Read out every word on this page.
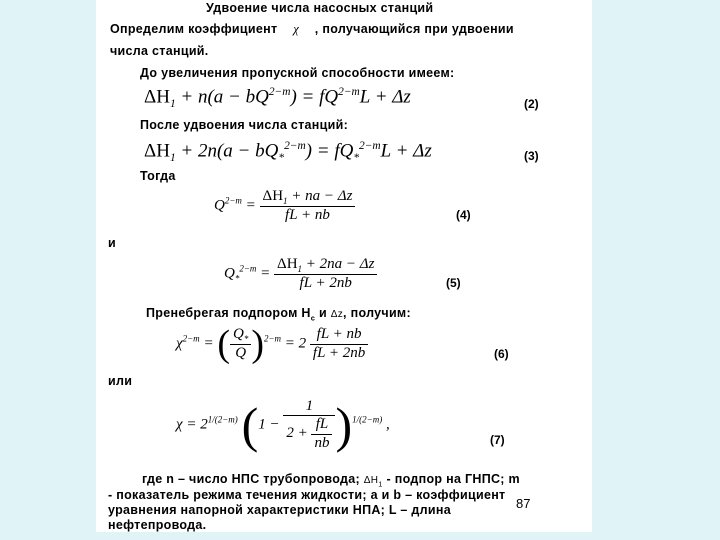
Удвоение числа насосных станций
Определим коэффициент χ , получающийся при удвоении
числа станций.
До увеличения пропускной способности имеем:
$\Delta H_1 + n(a - bQ^{2-m}) = fQ^{2-m}L + \Delta z$	(2)
После удвоения числа станций:
$\Delta H_1 + 2n(a - bQ_*^{2-m}) = fQ_*^{2-m}L + \Delta z$	(3)
Тогда
$Q^{2-m} = \frac{\Delta H_1 + na - \Delta z}{fL + nb}$	(4)
и
$Q_*^{2-m} = \frac{\Delta H_1 + 2na - \Delta z}{fL + 2nb}$	(5)
Пренебрегая подпором $H_c$ и Δz, получим:
$\chi^{2-m}$ = ( $\frac{Q_*}{Q} )^{2-m} = 2 \frac{fL + nb}{fL + 2nb}$	(6)
или
$\chi = 2^{1/(2-m)}$ $(1 - \frac{1}{2 + \frac{fL}{nb}} )^{1/(2-m)}$ ,
(7)
где n – число НПС трубопровода; $\Delta H_1$ - подпор на ГНПС; m
- показатель режима течения жидкости; a и b – коэффициент
уравнения напорной характеристики НПА; L – длина
нефтепровода.
87
